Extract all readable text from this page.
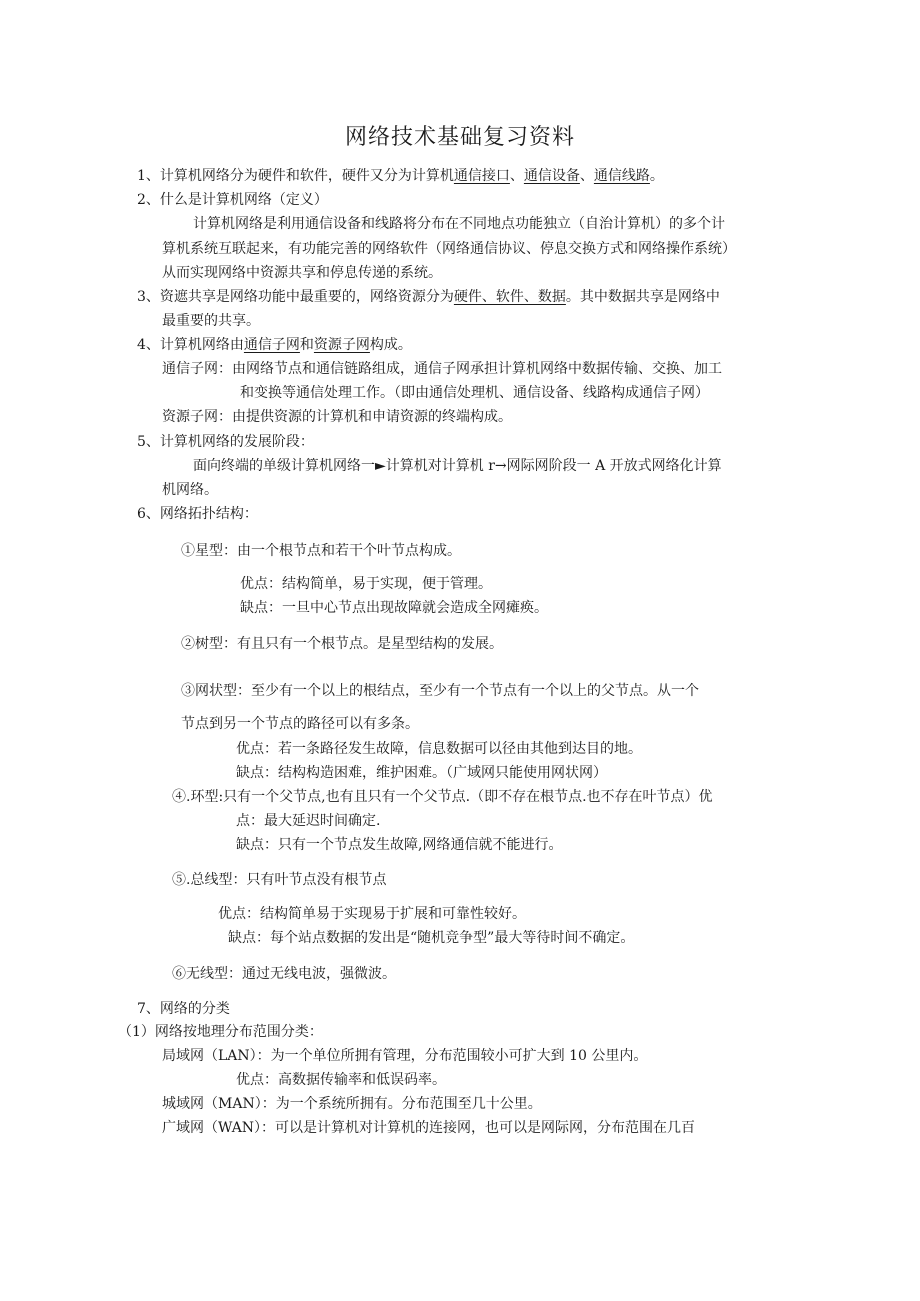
网络技术基础复习资料
1、计算机网络分为硬件和软件，硬件又分为计算机通信接口、通信设备、通信线路。
2、什么是计算机网络（定义）
计算机网络是利用通信设备和线路将分布在不同地点功能独立（自治计算机）的多个计
算机系统互联起来，有功能完善的网络软件（网络通信协议、停息交换方式和网络操作系统）
从而实现网络中资源共享和停息传递的系统。
3、资遮共享是网络功能中最重要的，网络资源分为硬件、软件、数据。其中数据共享是网络中
最重要的共享。
4、计算机网络由通信子网和资源子网构成。
通信子网：由网络节点和通信链路组成，通信子网承担计算机网络中数据传输、交换、加工
和变换等通信处理工作。（即由通信处理机、通信设备、线路构成通信子网）
资源子网：由提供资源的计算机和申请资源的终端构成。
5、计算机网络的发展阶段：
面向终端的单级计算机网络一►计算机对计算机 r→网际网阶段一 A 开放式网络化计算
机网络。
6、网络拓扑结构：
①星型：由一个根节点和若干个叶节点构成。
优点：结构简单，易于实现，便于管理。
缺点：一旦中心节点出现故障就会造成全网瘫痪。
②树型：有且只有一个根节点。是星型结构的发展。
③网状型：至少有一个以上的根结点，至少有一个节点有一个以上的父节点。从一个
节点到另一个节点的路径可以有多条。
优点：若一条路径发生故障，信息数据可以径由其他到达目的地。
缺点：结构构造困难，维护困难。（广域网只能使用网状网）
④.环型:只有一个父节点,也有且只有一个父节点.（即不存在根节点.也不存在叶节点）优
点：最大延迟时间确定.
缺点：只有一个节点发生故障,网络通信就不能进行。
⑤.总线型：只有叶节点没有根节点
优点：结构简单易于实现易于扩展和可靠性较好。
缺点：每个站点数据的发出是“随机竞争型”最大等待时间不确定。
⑥无线型：通过无线电波，强微波。
7、网络的分类
（1）网络按地理分布范围分类：
局域网（LAN）：为一个单位所拥有管理，分布范围较小可扩大到 10 公里内。
优点：高数据传输率和低误码率。
城域网（MAN）：为一个系统所拥有。分布范围至几十公里。
广域网（WAN）：可以是计算机对计算机的连接网，也可以是网际网，分布范围在几百
